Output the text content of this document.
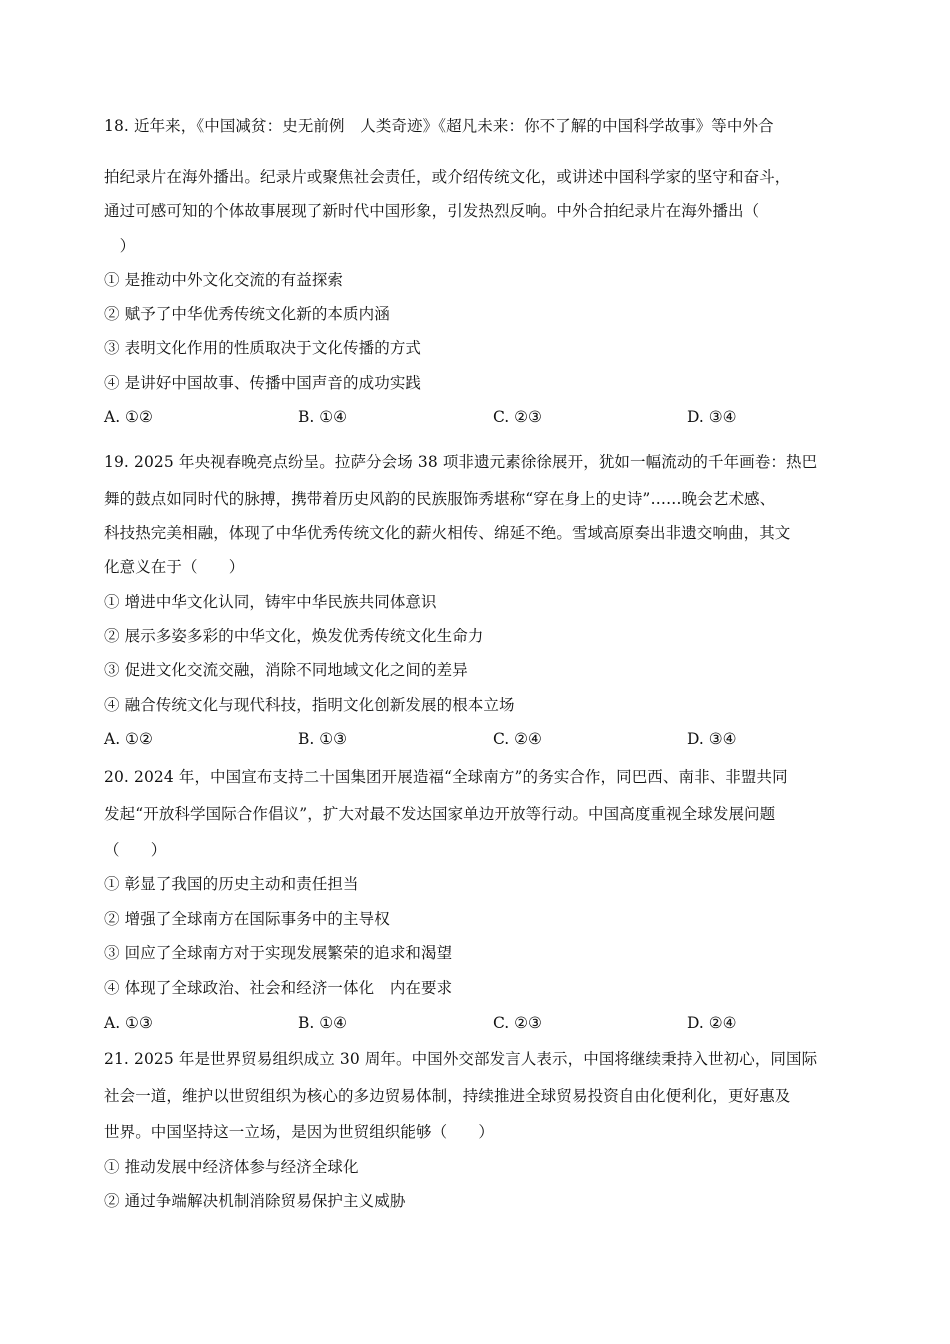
18. 近年来，《中国减贫：史无前例　人类奇迹》《超凡未来：你不了解的中国科学故事》等中外合
拍纪录片在海外播出。纪录片或聚焦社会责任，或介绍传统文化，或讲述中国科学家的坚守和奋斗，
通过可感可知的个体故事展现了新时代中国形象，引发热烈反响。中外合拍纪录片在海外播出（
　）
① 是推动中外文化交流的有益探索
② 赋予了中华优秀传统文化新的本质内涵
③ 表明文化作用的性质取决于文化传播的方式
④ 是讲好中国故事、传播中国声音的成功实践
A. ①②	B. ①④	C. ②③	D. ③④
19. 2025 年央视春晚亮点纷呈。拉萨分会场 38 项非遗元素徐徐展开，犹如一幅流动的千年画卷：热巴
舞的鼓点如同时代的脉搏，携带着历史风韵的民族服饰秀堪称“穿在身上的史诗”……晚会艺术感、
科技热完美相融，体现了中华优秀传统文化的薪火相传、绵延不绝。雪域高原奏出非遗交响曲，其文
化意义在于（　　）
① 增进中华文化认同，铸牢中华民族共同体意识
② 展示多姿多彩的中华文化，焕发优秀传统文化生命力
③ 促进文化交流交融，消除不同地域文化之间的差异
④ 融合传统文化与现代科技，指明文化创新发展的根本立场
A. ①②	B. ①③	C. ②④	D. ③④
20. 2024 年，中国宣布支持二十国集团开展造福“全球南方”的务实合作，同巴西、南非、非盟共同
发起“开放科学国际合作倡议”，扩大对最不发达国家单边开放等行动。中国高度重视全球发展问题
（　　）
① 彰显了我国的历史主动和责任担当
② 增强了全球南方在国际事务中的主导权
③ 回应了全球南方对于实现发展繁荣的追求和渴望
④ 体现了全球政治、社会和经济一体化　内在要求
A. ①③	B. ①④	C. ②③	D. ②④
21. 2025 年是世界贸易组织成立 30 周年。中国外交部发言人表示，中国将继续秉持入世初心，同国际
社会一道，维护以世贸组织为核心的多边贸易体制，持续推进全球贸易投资自由化便利化，更好惠及
世界。中国坚持这一立场，是因为世贸组织能够（　　）
① 推动发展中经济体参与经济全球化
② 通过争端解决机制消除贸易保护主义威胁
